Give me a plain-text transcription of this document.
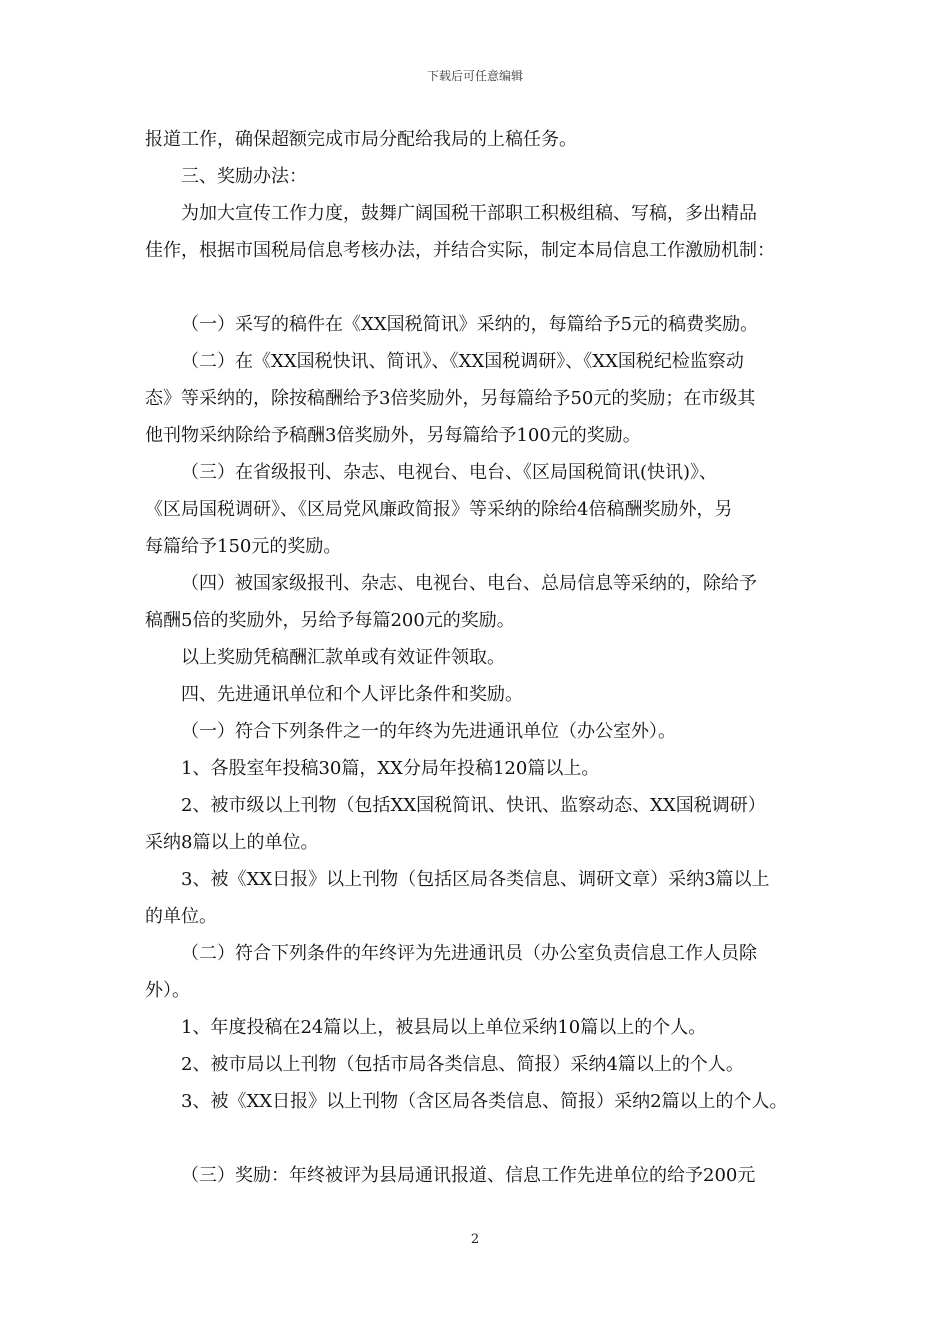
下载后可任意编辑
报道工作，确保超额完成市局分配给我局的上稿任务。
三、奖励办法：
为加大宣传工作力度，鼓舞广阔国税干部职工积极组稿、写稿，多出精品
佳作，根据市国税局信息考核办法，并结合实际，制定本局信息工作激励机制：
（一）采写的稿件在《XX国税简讯》采纳的，每篇给予5元的稿费奖励。
（二）在《XX国税快讯、简讯》、《XX国税调研》、《XX国税纪检监察动
态》等采纳的，除按稿酬给予3倍奖励外，另每篇给予50元的奖励；在市级其
他刊物采纳除给予稿酬3倍奖励外，另每篇给予100元的奖励。
（三）在省级报刊、杂志、电视台、电台、《区局国税简讯(快讯)》、
《区局国税调研》、《区局党风廉政简报》等采纳的除给4倍稿酬奖励外，另
每篇给予150元的奖励。
（四）被国家级报刊、杂志、电视台、电台、总局信息等采纳的，除给予
稿酬5倍的奖励外，另给予每篇200元的奖励。
以上奖励凭稿酬汇款单或有效证件领取。
四、先进通讯单位和个人评比条件和奖励。
（一）符合下列条件之一的年终为先进通讯单位（办公室外）。
1、各股室年投稿30篇，XX分局年投稿120篇以上。
2、被市级以上刊物（包括XX国税简讯、快讯、监察动态、XX国税调研）
采纳8篇以上的单位。
3、被《XX日报》以上刊物（包括区局各类信息、调研文章）采纳3篇以上
的单位。
（二）符合下列条件的年终评为先进通讯员（办公室负责信息工作人员除
外）。
1、年度投稿在24篇以上，被县局以上单位采纳10篇以上的个人。
2、被市局以上刊物（包括市局各类信息、简报）采纳4篇以上的个人。
3、被《XX日报》以上刊物（含区局各类信息、简报）采纳2篇以上的个人。
（三）奖励：年终被评为县局通讯报道、信息工作先进单位的给予200元
2
